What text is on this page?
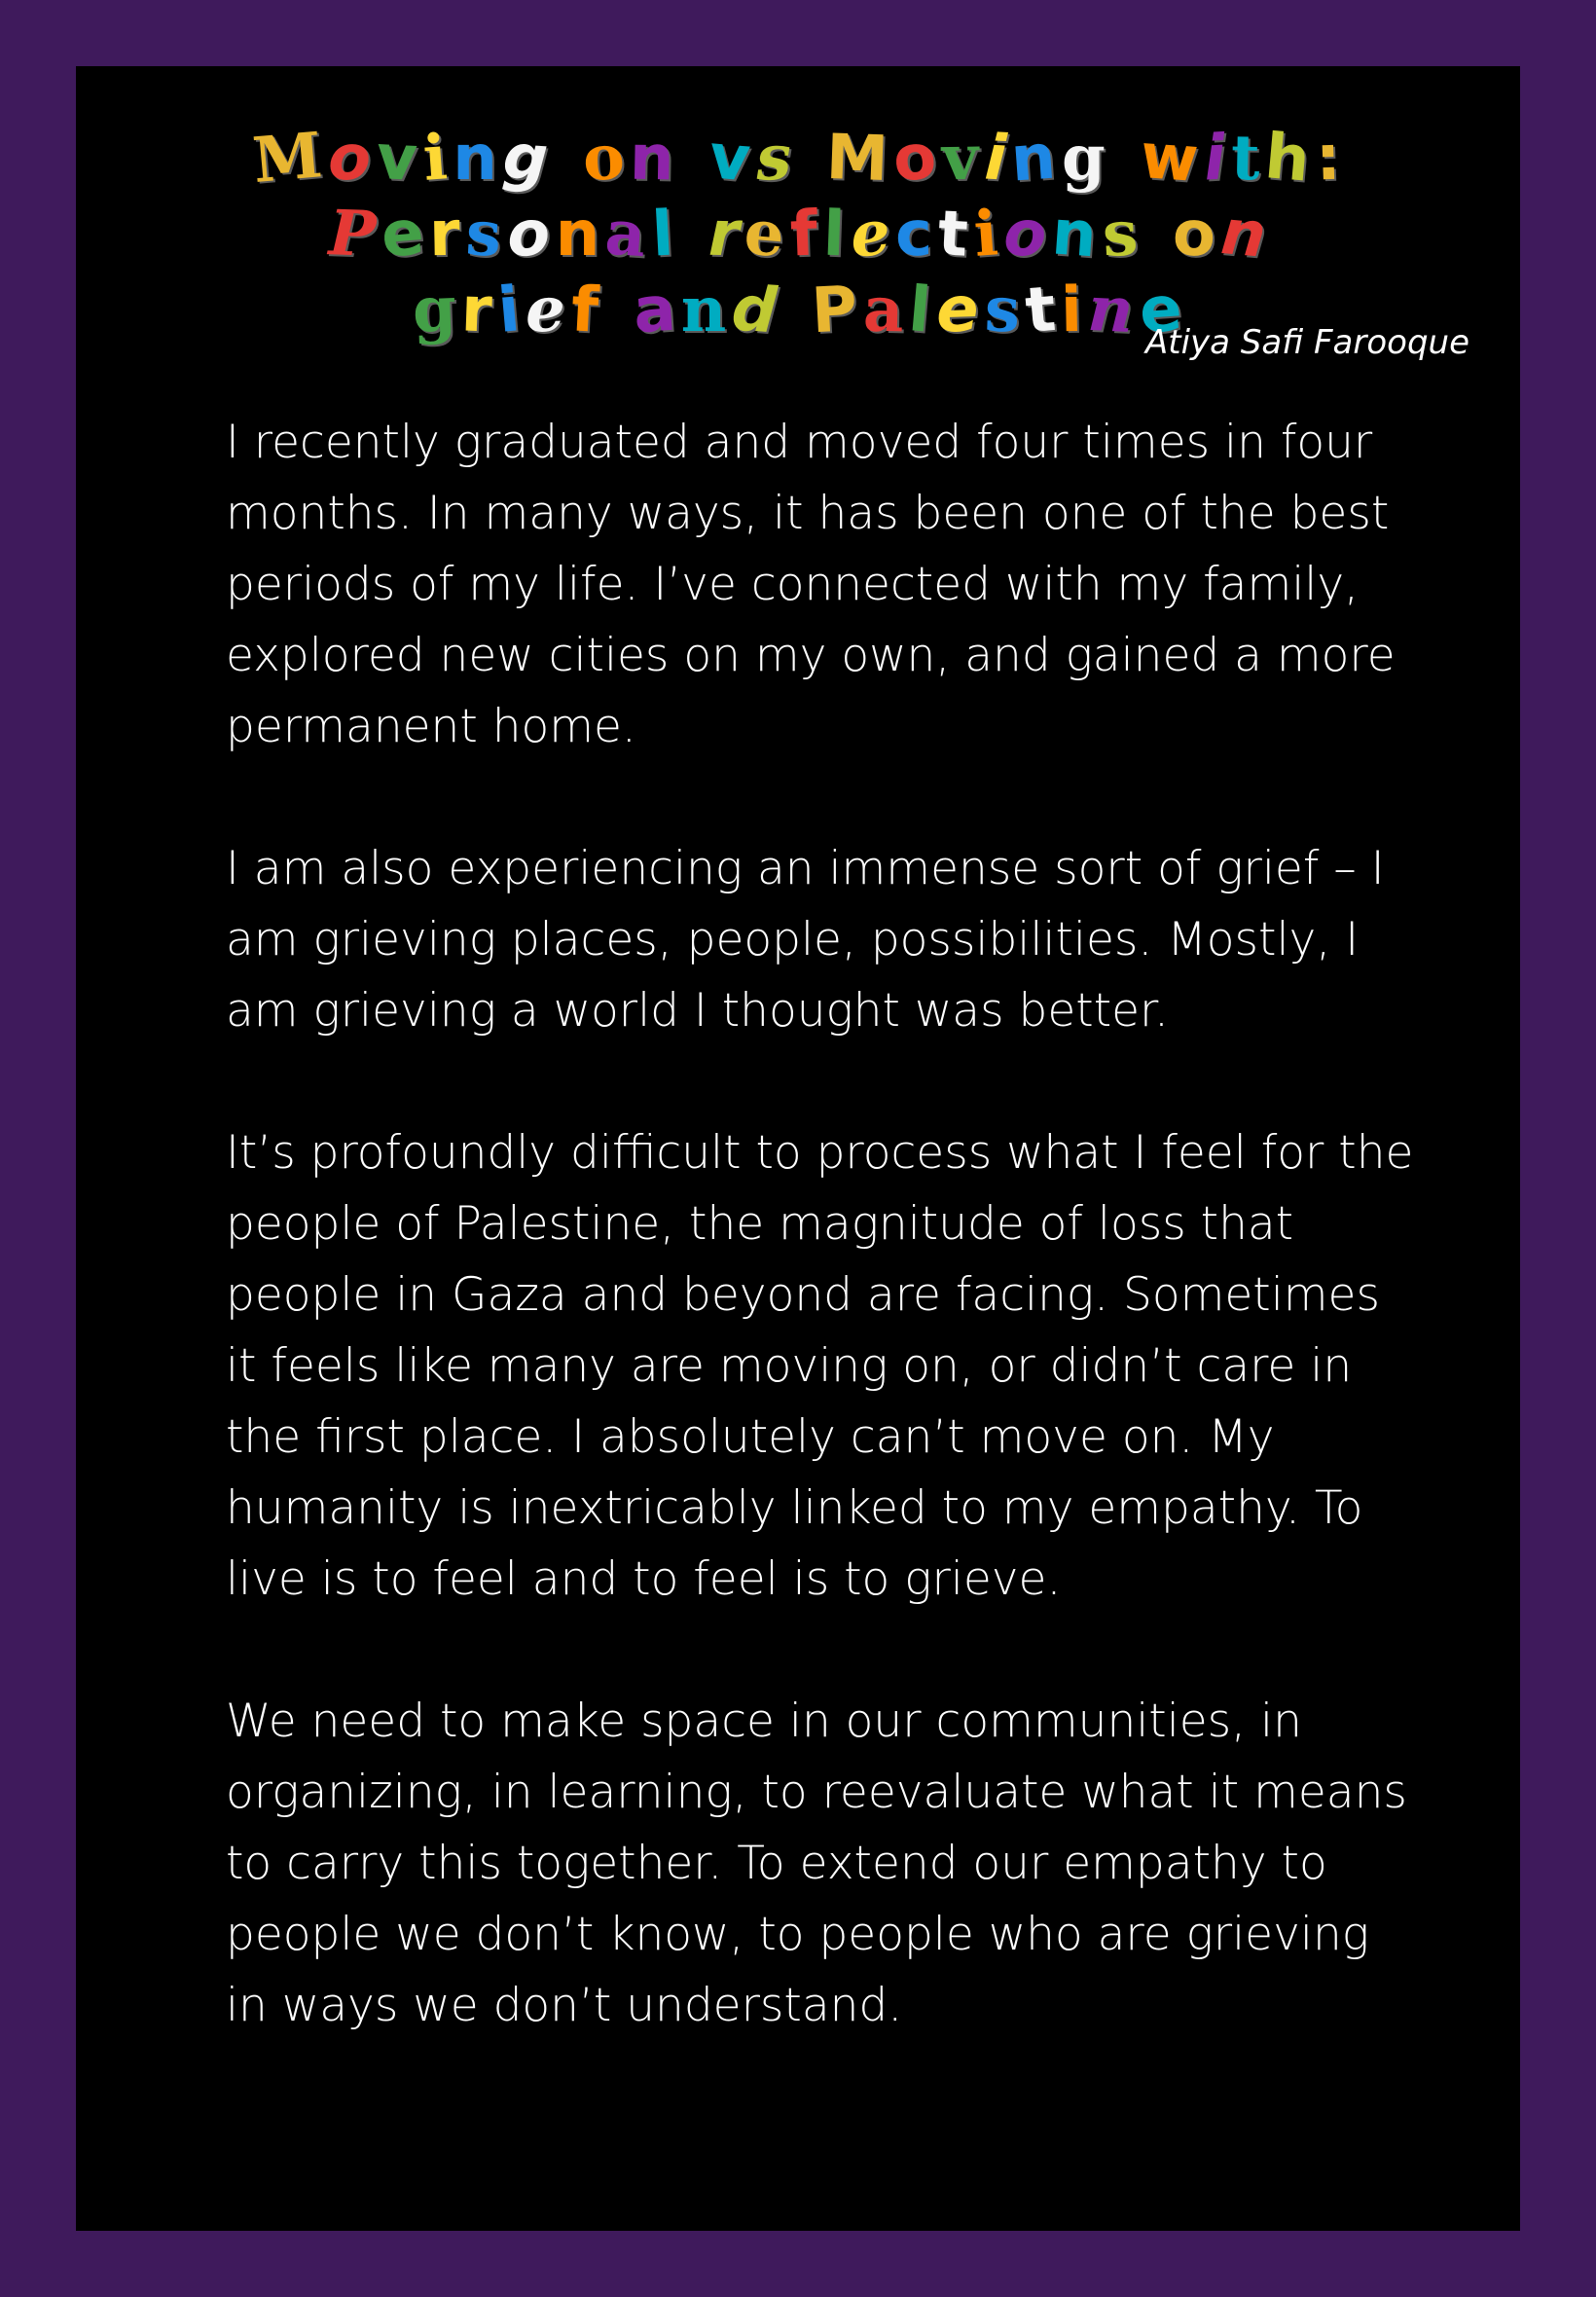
Moving on vs Moving with:
Personal reflections on
grief and Palestine
Atiya Safi Farooque

I recently graduated and moved four times in four months. In many ways, it has been one of the best periods of my life. I’ve connected with my family, explored new cities on my own, and gained a more permanent home.

I am also experiencing an immense sort of grief – I am grieving places, people, possibilities. Mostly, I am grieving a world I thought was better.

It’s profoundly difficult to process what I feel for the people of Palestine, the magnitude of loss that people in Gaza and beyond are facing. Sometimes it feels like many are moving on, or didn’t care in the first place. I absolutely can’t move on. My humanity is inextricably linked to my empathy. To live is to feel and to feel is to grieve.

We need to make space in our communities, in organizing, in learning, to reevaluate what it means to carry this together. To extend our empathy to people we don’t know, to people who are grieving in ways we don’t understand.
